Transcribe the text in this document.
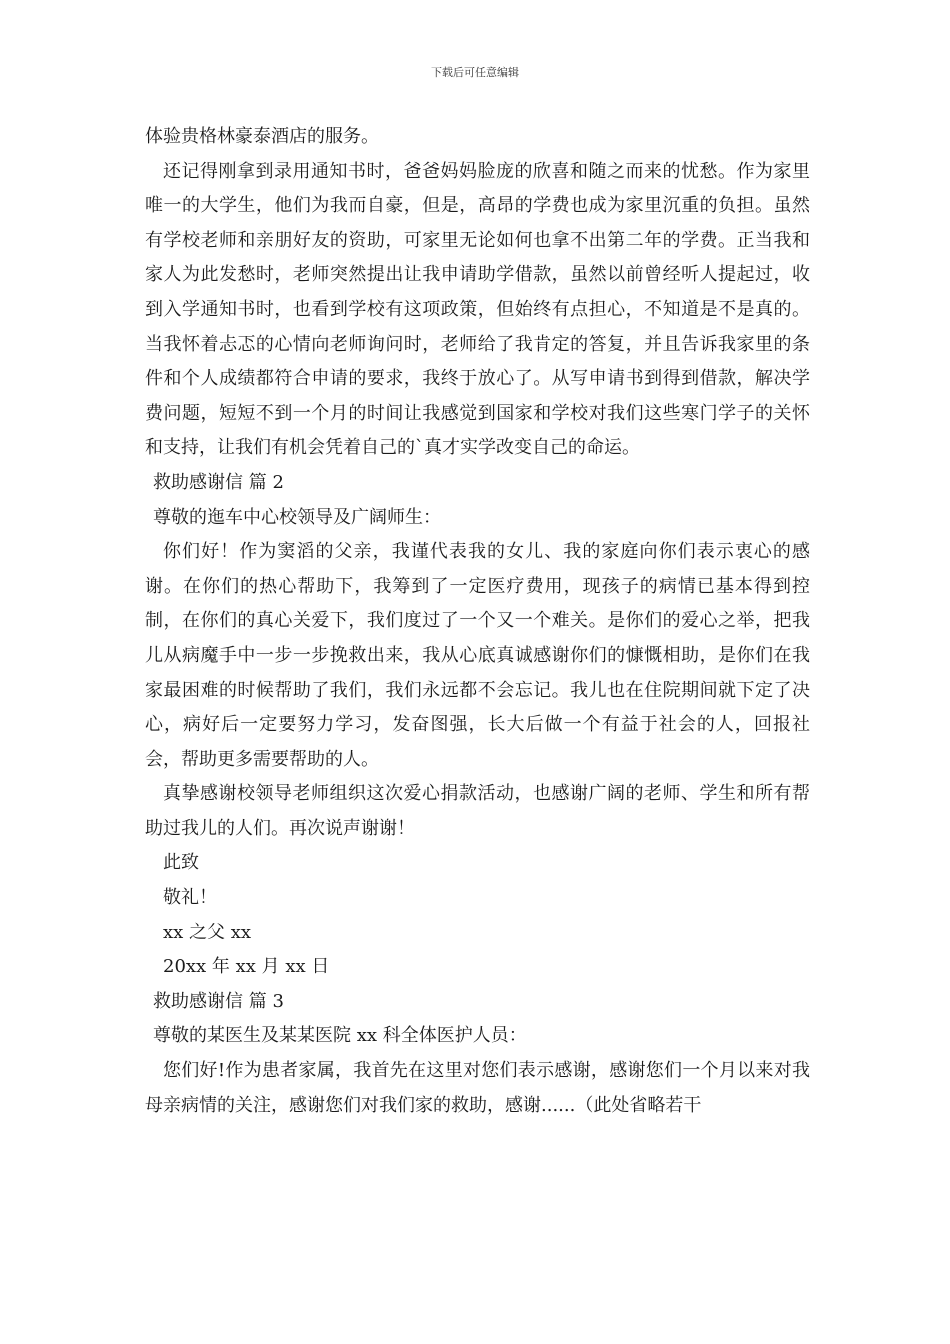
下载后可任意编辑

体验贵格林豪泰酒店的服务。

还记得刚拿到录用通知书时，爸爸妈妈脸庞的欣喜和随之而来的忧愁。作为家里唯一的大学生，他们为我而自豪，但是，高昂的学费也成为家里沉重的负担。虽然有学校老师和亲朋好友的资助，可家里无论如何也拿不出第二年的学费。正当我和家人为此发愁时，老师突然提出让我申请助学借款，虽然以前曾经听人提起过，收到入学通知书时，也看到学校有这项政策，但始终有点担心，不知道是不是真的。当我怀着忐忑的心情向老师询问时，老师给了我肯定的答复，并且告诉我家里的条件和个人成绩都符合申请的要求，我终于放心了。从写申请书到得到借款，解决学费问题，短短不到一个月的时间让我感觉到国家和学校对我们这些寒门学子的关怀和支持，让我们有机会凭着自己的`真才实学改变自己的命运。

救助感谢信 篇 2

尊敬的迤车中心校领导及广阔师生：

你们好！作为窦滔的父亲，我谨代表我的女儿、我的家庭向你们表示衷心的感谢。在你们的热心帮助下，我筹到了一定医疗费用，现孩子的病情已基本得到控制，在你们的真心关爱下，我们度过了一个又一个难关。是你们的爱心之举，把我儿从病魔手中一步一步挽救出来，我从心底真诚感谢你们的慷慨相助，是你们在我家最困难的时候帮助了我们，我们永远都不会忘记。我儿也在住院期间就下定了决心，病好后一定要努力学习，发奋图强，长大后做一个有益于社会的人，回报社会，帮助更多需要帮助的人。

真挚感谢校领导老师组织这次爱心捐款活动，也感谢广阔的老师、学生和所有帮助过我儿的人们。再次说声谢谢！

此致

敬礼！

xx 之父 xx

20xx 年 xx 月 xx 日

救助感谢信 篇 3

尊敬的某医生及某某医院 xx 科全体医护人员：

您们好!作为患者家属，我首先在这里对您们表示感谢，感谢您们一个月以来对我母亲病情的关注，感谢您们对我们家的救助，感谢......（此处省略若干
